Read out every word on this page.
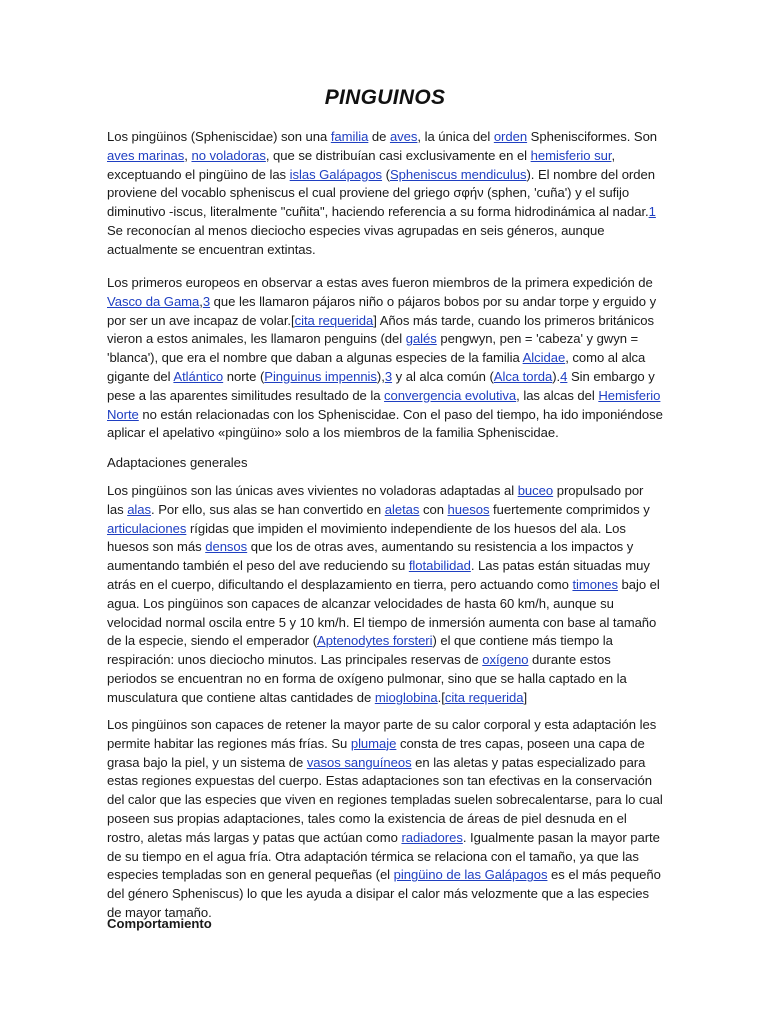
PINGUINOS

Los pingüinos (Spheniscidae) son una familia de aves, la única del orden Sphenisciformes. Son aves marinas, no voladoras, que se distribuían casi exclusivamente en el hemisferio sur, exceptuando el pingüino de las islas Galápagos (Spheniscus mendiculus). El nombre del orden proviene del vocablo spheniscus el cual proviene del griego σφήν (sphen, 'cuña') y el sufijo diminutivo -iscus, literalmente "cuñita", haciendo referencia a su forma hidrodinámica al nadar.1 Se reconocían al menos dieciocho especies vivas agrupadas en seis géneros, aunque actualmente se encuentran extintas.

Los primeros europeos en observar a estas aves fueron miembros de la primera expedición de Vasco da Gama,3 que les llamaron pájaros niño o pájaros bobos por su andar torpe y erguido y por ser un ave incapaz de volar.[cita requerida] Años más tarde, cuando los primeros británicos vieron a estos animales, les llamaron penguins (del galés pengwyn, pen = 'cabeza' y gwyn = 'blanca'), que era el nombre que daban a algunas especies de la familia Alcidae, como al alca gigante del Atlántico norte (Pinguinus impennis),3 y al alca común (Alca torda).4 Sin embargo y pese a las aparentes similitudes resultado de la convergencia evolutiva, las alcas del Hemisferio Norte no están relacionadas con los Spheniscidae. Con el paso del tiempo, ha ido imponiéndose aplicar el apelativo «pingüino» solo a los miembros de la familia Spheniscidae.

Adaptaciones generales

Los pingüinos son las únicas aves vivientes no voladoras adaptadas al buceo propulsado por las alas. Por ello, sus alas se han convertido en aletas con huesos fuertemente comprimidos y articulaciones rígidas que impiden el movimiento independiente de los huesos del ala. Los huesos son más densos que los de otras aves, aumentando su resistencia a los impactos y aumentando también el peso del ave reduciendo su flotabilidad. Las patas están situadas muy atrás en el cuerpo, dificultando el desplazamiento en tierra, pero actuando como timones bajo el agua. Los pingüinos son capaces de alcanzar velocidades de hasta 60 km/h, aunque su velocidad normal oscila entre 5 y 10 km/h. El tiempo de inmersión aumenta con base al tamaño de la especie, siendo el emperador (Aptenodytes forsteri) el que contiene más tiempo la respiración: unos dieciocho minutos. Las principales reservas de oxígeno durante estos periodos se encuentran no en forma de oxígeno pulmonar, sino que se halla captado en la musculatura que contiene altas cantidades de mioglobina.[cita requerida]

Los pingüinos son capaces de retener la mayor parte de su calor corporal y esta adaptación les permite habitar las regiones más frías. Su plumaje consta de tres capas, poseen una capa de grasa bajo la piel, y un sistema de vasos sanguíneos en las aletas y patas especializado para estas regiones expuestas del cuerpo. Estas adaptaciones son tan efectivas en la conservación del calor que las especies que viven en regiones templadas suelen sobrecalentarse, para lo cual poseen sus propias adaptaciones, tales como la existencia de áreas de piel desnuda en el rostro, aletas más largas y patas que actúan como radiadores. Igualmente pasan la mayor parte de su tiempo en el agua fría. Otra adaptación térmica se relaciona con el tamaño, ya que las especies templadas son en general pequeñas (el pingüino de las Galápagos es el más pequeño del género Spheniscus) lo que les ayuda a disipar el calor más velozmente que a las especies de mayor tamaño.

Comportamiento
